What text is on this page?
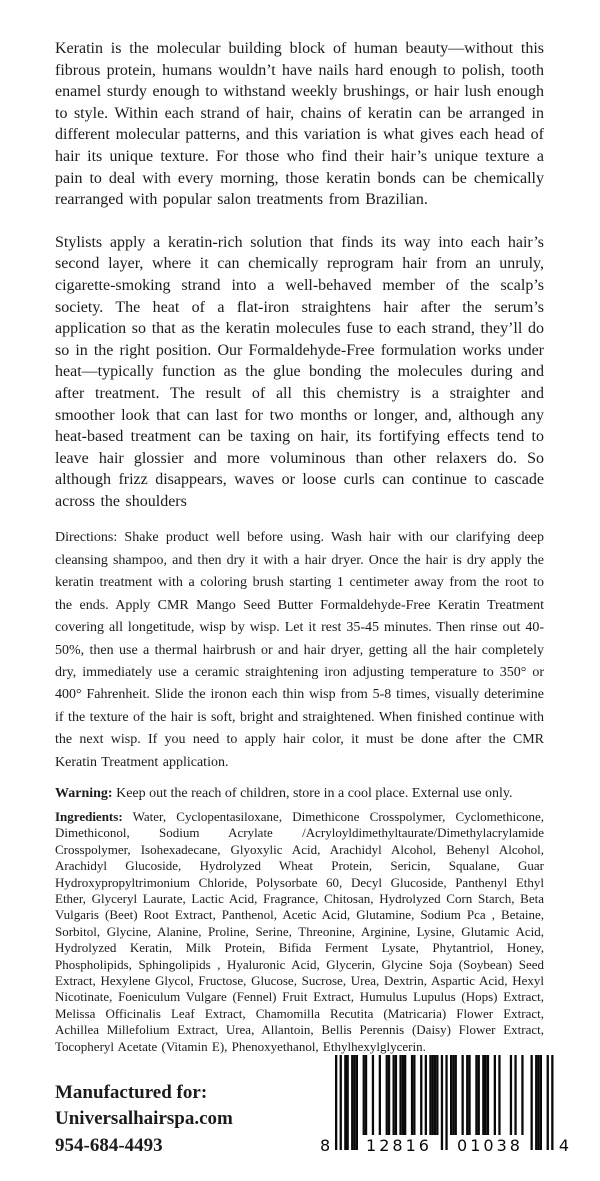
Keratin is the molecular building block of human beauty—without this fibrous protein, humans wouldn’t have nails hard enough to polish, tooth enamel sturdy enough to withstand weekly brushings, or hair lush enough to style. Within each strand of hair, chains of keratin can be arranged in different molecular patterns, and this variation is what gives each head of hair its unique texture. For those who find their hair’s unique texture a pain to deal with every morning, those keratin bonds can be chemically rearranged with popular salon treatments from Brazilian.

Stylists apply a keratin-rich solution that finds its way into each hair’s second layer, where it can chemically reprogram hair from an unruly, cigarette-smoking strand into a well-behaved member of the scalp’s society. The heat of a flat-iron straightens hair after the serum’s application so that as the keratin molecules fuse to each strand, they’ll do so in the right position. Our Formaldehyde-Free formulation works under heat—typically function as the glue bonding the molecules during and after treatment. The result of all this chemistry is a straighter and smoother look that can last for two months or longer, and, although any heat-based treatment can be taxing on hair, its fortifying effects tend to leave hair glossier and more voluminous than other relaxers do. So although frizz disappears, waves or loose curls can continue to cascade across the shoulders

Directions: Shake product well before using. Wash hair with our clarifying deep cleansing shampoo, and then dry it with a hair dryer. Once the hair is dry apply the keratin treatment with a coloring brush starting 1 centimeter away from the root to the ends. Apply CMR Mango Seed Butter Formaldehyde-Free Keratin Treatment covering all longetitude, wisp by wisp. Let it rest 35-45 minutes. Then rinse out 40-50%, then use a thermal hairbrush or and hair dryer, getting all the hair completely dry, immediately use a ceramic straightening iron adjusting temperature to 350° or 400° Fahrenheit. Slide the ironon each thin wisp from 5-8 times, visually deterimine if the texture of the hair is soft, bright and straightened. When finished continue with the next wisp. If you need to apply hair color, it must be done after the CMR Keratin Treatment application.

Warning: Keep out the reach of children, store in a cool place. External use only.

Ingredients: Water, Cyclopentasiloxane, Dimethicone Crosspolymer, Cyclomethicone, Dimethiconol, Sodium Acrylate /Acryloyldimethyltaurate/Dimethylacrylamide Crosspolymer, Isohexadecane, Glyoxylic Acid, Arachidyl Alcohol, Behenyl Alcohol, Arachidyl Glucoside, Hydrolyzed Wheat Protein, Sericin, Squalane, Guar Hydroxypropyltrimonium Chloride, Polysorbate 60, Decyl Glucoside, Panthenyl Ethyl Ether, Glyceryl Laurate, Lactic Acid, Fragrance, Chitosan, Hydrolyzed Corn Starch, Beta Vulgaris (Beet) Root Extract, Panthenol, Acetic Acid, Glutamine, Sodium Pca , Betaine, Sorbitol, Glycine, Alanine, Proline, Serine, Threonine, Arginine, Lysine, Glutamic Acid, Hydrolyzed Keratin, Milk Protein, Bifida Ferment Lysate, Phytantriol, Honey, Phospholipids, Sphingolipids , Hyaluronic Acid, Glycerin, Glycine Soja (Soybean) Seed Extract, Hexylene Glycol, Fructose, Glucose, Sucrose, Urea, Dextrin, Aspartic Acid, Hexyl Nicotinate, Foeniculum Vulgare (Fennel) Fruit Extract, Humulus Lupulus (Hops) Extract, Melissa Officinalis Leaf Extract, Chamomilla Recutita (Matricaria) Flower Extract, Achillea Millefolium Extract, Urea, Allantoin, Bellis Perennis (Daisy) Flower Extract, Tocopheryl Acetate (Vitamin E), Phenoxyethanol, Ethylhexylglycerin.

Manufactured for:
Universalhairspa.com
954-684-4493	8	12816	01038	4
